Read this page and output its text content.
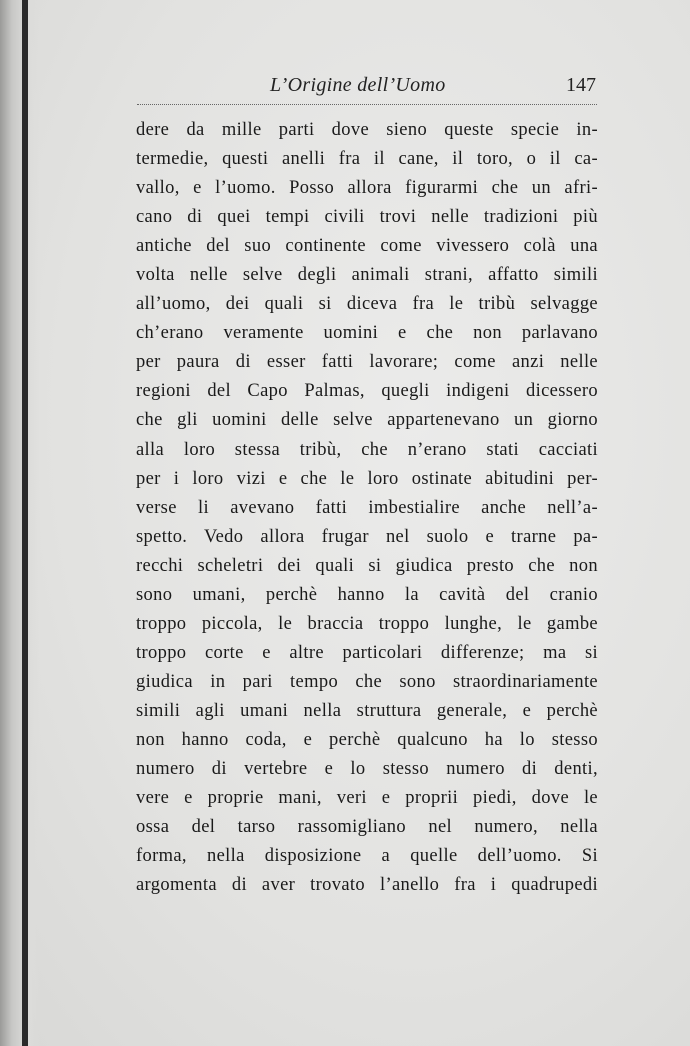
L’Origine dell’Uomo	147
dere da mille parti dove sieno queste specie in-
termedie, questi anelli fra il cane, il toro, o il ca-
vallo, e l’uomo. Posso allora figurarmi che un afri-
cano di quei tempi civili trovi nelle tradizioni più
antiche del suo continente come vivessero colà una
volta nelle selve degli animali strani, affatto simili
all’uomo, dei quali si diceva fra le tribù selvagge
ch’erano veramente uomini e che non parlavano
per paura di esser fatti lavorare; come anzi nelle
regioni del Capo Palmas, quegli indigeni dicessero
che gli uomini delle selve appartenevano un giorno
alla loro stessa tribù, che n’erano stati cacciati
per i loro vizi e che le loro ostinate abitudini per-
verse li avevano fatti imbestialire anche nell’a-
spetto. Vedo allora frugar nel suolo e trarne pa-
recchi scheletri dei quali si giudica presto che non
sono umani, perchè hanno la cavità del cranio
troppo piccola, le braccia troppo lunghe, le gambe
troppo corte e altre particolari differenze; ma si
giudica in pari tempo che sono straordinariamente
simili agli umani nella struttura generale, e perchè
non hanno coda, e perchè qualcuno ha lo stesso
numero di vertebre e lo stesso numero di denti,
vere e proprie mani, veri e proprii piedi, dove le
ossa del tarso rassomigliano nel numero, nella
forma, nella disposizione a quelle dell’uomo. Si
argomenta di aver trovato l’anello fra i quadrupedi
